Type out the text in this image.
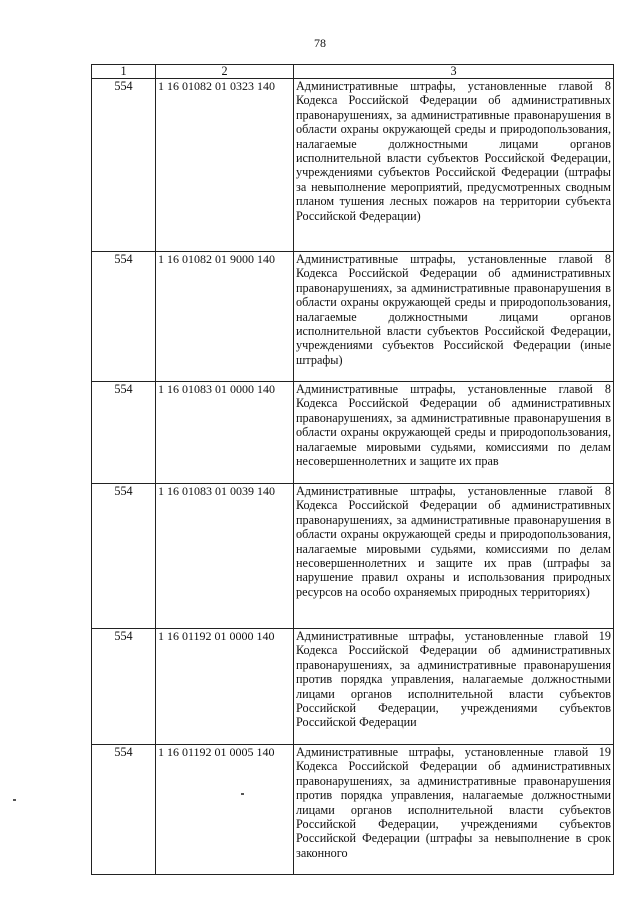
78
1	2	3
554	1 16 01082 01 0323 140	Административные штрафы, установленные главой 8 Кодекса Российской Федерации об административных правонарушениях, за административные правонарушения в области охраны окружающей среды и природопользования, налагаемые должностными лицами органов исполнительной власти субъектов Российской Федерации, учреждениями субъектов Российской Федерации (штрафы за невыполнение мероприятий, предусмотренных сводным планом тушения лесных пожаров на территории субъекта Российской Федерации)
554	1 16 01082 01 9000 140	Административные штрафы, установленные главой 8 Кодекса Российской Федерации об административных правонарушениях, за административные правонарушения в области охраны окружающей среды и природопользования, налагаемые должностными лицами органов исполнительной власти субъектов Российской Федерации, учреждениями субъектов Российской Федерации (иные штрафы)
554	1 16 01083 01 0000 140	Административные штрафы, установленные главой 8 Кодекса Российской Федерации об административных правонарушениях, за административные правонарушения в области охраны окружающей среды и природопользования, налагаемые мировыми судьями, комиссиями по делам несовершеннолетних и защите их прав
554	1 16 01083 01 0039 140	Административные штрафы, установленные главой 8 Кодекса Российской Федерации об административных правонарушениях, за административные правонарушения в области охраны окружающей среды и природопользования, налагаемые мировыми судьями, комиссиями по делам несовершеннолетних и защите их прав (штрафы за нарушение правил охраны и использования природных ресурсов на особо охраняемых природных территориях)
554	1 16 01192 01 0000 140	Административные штрафы, установленные главой 19 Кодекса Российской Федерации об административных правонарушениях, за административные правонарушения против порядка управления, налагаемые должностными лицами органов исполнительной власти субъектов Российской Федерации, учреждениями субъектов Российской Федерации
554	1 16 01192 01 0005 140	Административные штрафы, установленные главой 19 Кодекса Российской Федерации об административных правонарушениях, за административные правонарушения против порядка управления, налагаемые должностными лицами органов исполнительной власти субъектов Российской Федерации, учреждениями субъектов Российской Федерации (штрафы за невыполнение в срок законного
